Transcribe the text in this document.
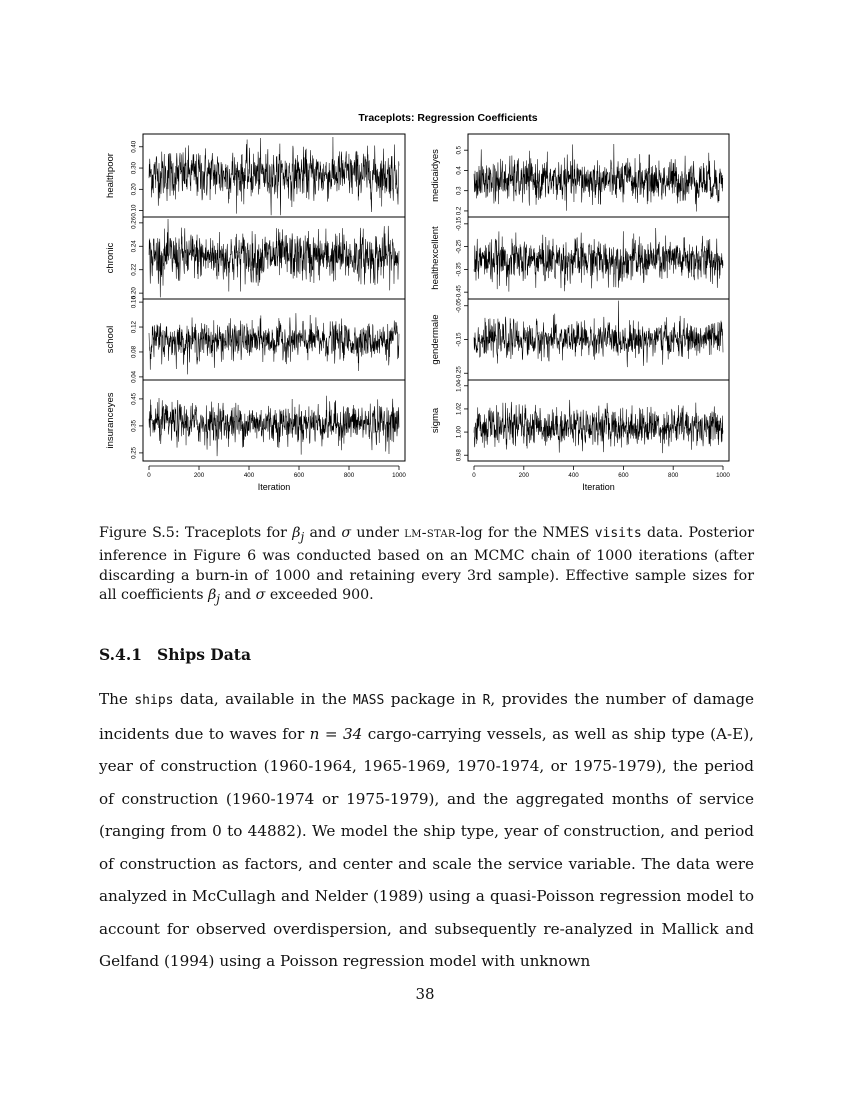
Traceplots: Regression Coefficients
0.10
0.20
0.30
0.40
healthpoor
0.20
0.22
0.24
0.26
chronic
0.04
0.08
0.12
0.16
school
0.25
0.35
0.45
insuranceyes
0.2
0.3
0.4
0.5
medicaidyes
-0.45
-0.35
-0.25
-0.15
healthexcellent
-0.25
-0.15
-0.05
gendermale
0.98
1.00
1.02
1.04
sigma
0	200	400	600	800	1000
Iteration
0	200	400	600	800	1000
Iteration
Figure S.5: Traceplots for $\beta_j$ and σ under lm-star-log for the NMES visits data. Posterior inference in Figure 6 was conducted based on an MCMC chain of 1000 iterations (after discarding a burn-in of 1000 and retaining every 3rd sample). Effective sample sizes for all coefficients $\beta_j$ and σ exceeded 900.
S.4.1 Ships Data
The ships data, available in the MASS package in R, provides the number of damage incidents due to waves for n = 34 cargo-carrying vessels, as well as ship type (A-E), year of construction (1960-1964, 1965-1969, 1970-1974, or 1975-1979), the period of construction (1960-1974 or 1975-1979), and the aggregated months of service (ranging from 0 to 44882). We model the ship type, year of construction, and period of construction as factors, and center and scale the service variable. The data were analyzed in McCullagh and Nelder (1989) using a quasi-Poisson regression model to account for observed overdispersion, and subsequently re-analyzed in Mallick and Gelfand (1994) using a Poisson regression model with unknown
38
